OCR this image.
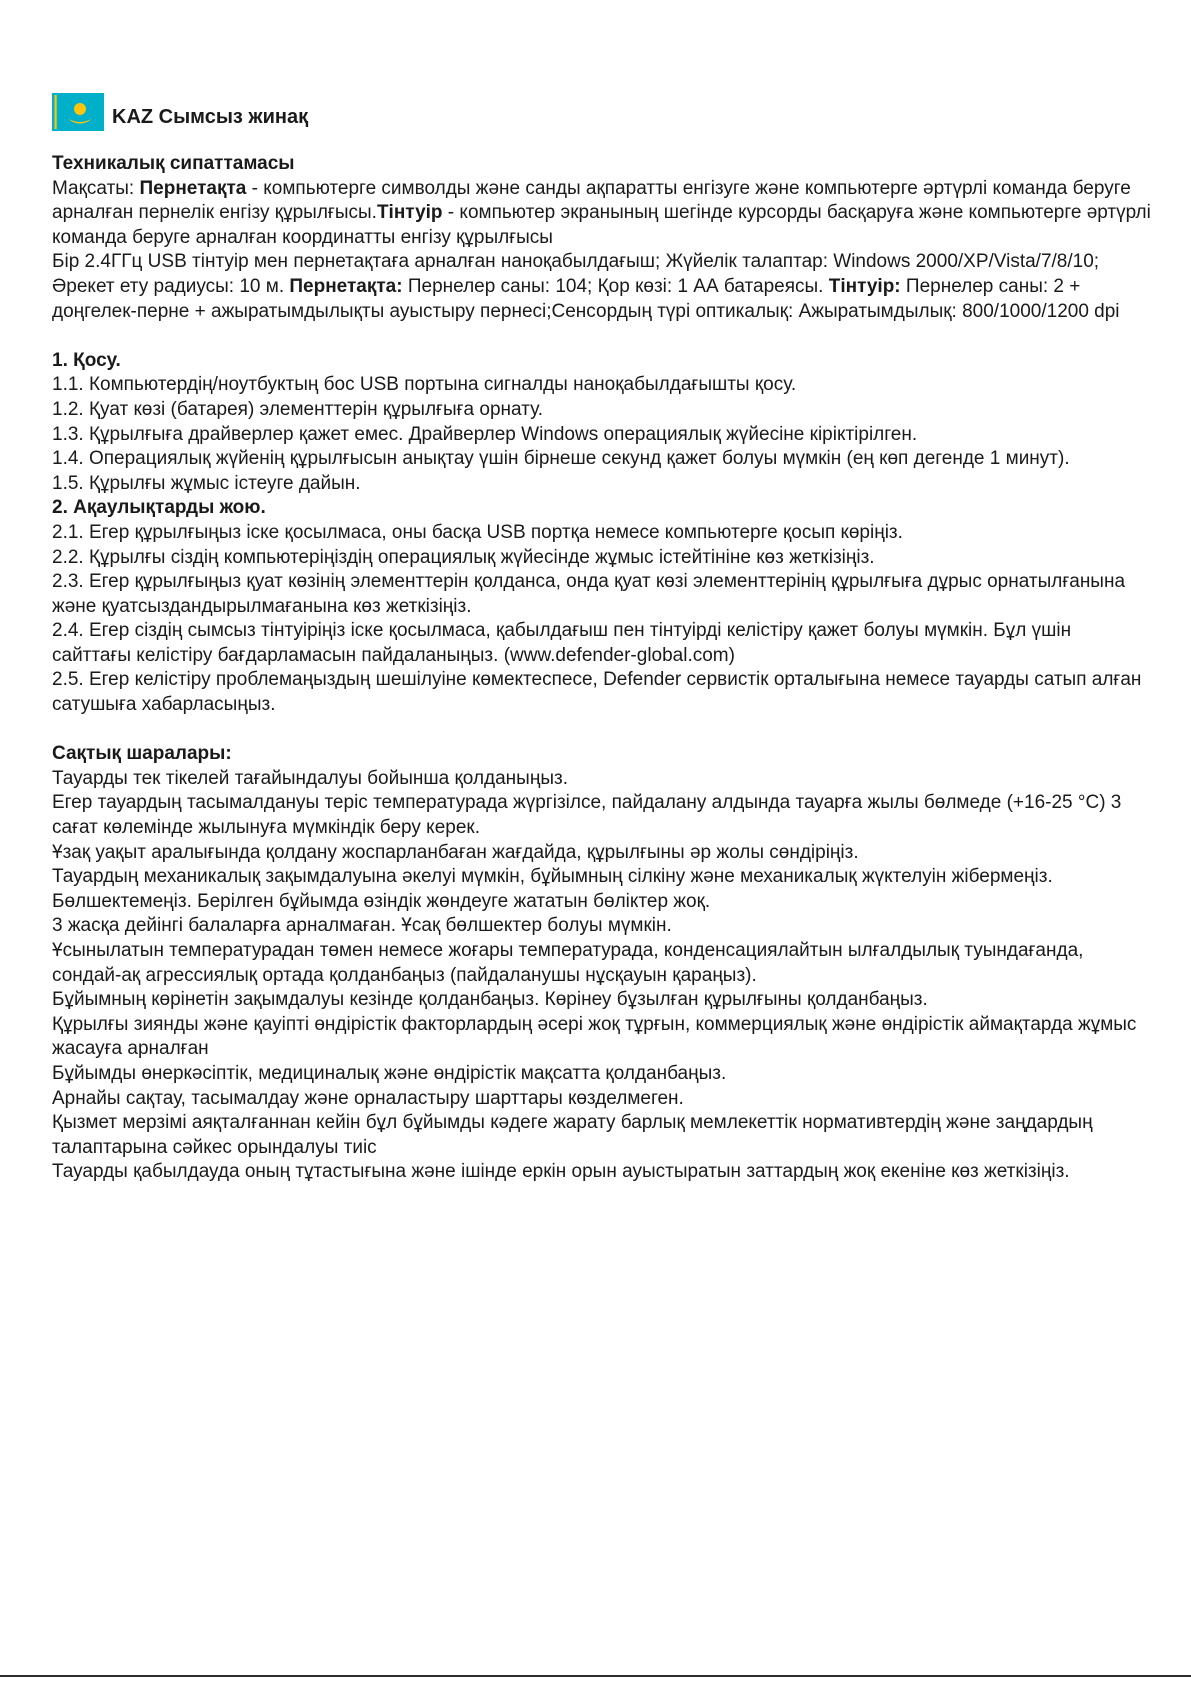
KAZ Сымсыз жинақ

Техникалық сипаттамасы

Мақсаты: Пернетақта - компьютерге символды және санды ақпаратты енгізуге және компьютерге әртүрлі команда беруге арналған пернелік енгізу құрылғысы.Тінтуір - компьютер экранының шегінде курсорды басқаруға және компьютерге әртүрлі команда беруге арналған координатты енгізу құрылғысы

Бір 2.4ГГц USB тінтуір мен пернетақтаға арналған наноқабылдағыш; Жүйелік талаптар: Windows 2000/XP/Vista/7/8/10; Әрекет ету радиусы: 10 м. Пернетақта: Пернелер саны: 104; Қор көзі: 1 АА батареясы. Тінтуір: Пернелер саны: 2 + доңгелек-перне + ажыратымдылықты ауыстыру пернесі;Сенсордың түрі оптикалық: Ажыратымдылық: 800/1000/1200 dpi

1. Қосу.

1.1. Компьютердің/ноутбуктың бос USB портына сигналды наноқабылдағышты қосу.

1.2. Қуат көзі (батарея) элементтерін құрылғыға орнату.

1.3. Құрылғыға драйверлер қажет емес. Драйверлер Windows операциялық жүйесіне кіріктірілген.

1.4. Операциялық жүйенің құрылғысын анықтау үшін бірнеше секунд қажет болуы мүмкін (ең көп дегенде 1 минут).

1.5. Құрылғы жұмыс істеуге дайын.

2. Ақаулықтарды жою.

2.1. Егер құрылғыңыз іске қосылмаса, оны басқа USB портқа немесе компьютерге қосып көріңіз.

2.2. Құрылғы сіздің компьютеріңіздің операциялық жүйесінде жұмыс істейтініне көз жеткізіңіз.

2.3. Егер құрылғыңыз қуат көзінің элементтерін қолданса, онда қуат көзі элементтерінің құрылғыға дұрыс орнатылғанына және қуатсыздандырылмағанына көз жеткізіңіз.

2.4. Егер сіздің сымсыз тінтуіріңіз іске қосылмаса, қабылдағыш пен тінтуірді келістіру қажет болуы мүмкін. Бұл үшін сайттағы келістіру бағдарламасын пайдаланыңыз. (www.defender-global.com)

2.5. Егер келістіру проблемаңыздың шешілуіне көмектеспесе, Defender сервистік орталығына немесе тауарды сатып алған сатушыға хабарласыңыз.

Сақтық шаралары:

Тауарды тек тікелей тағайындалуы бойынша қолданыңыз.

Егер тауардың тасымалдануы теріс температурада жүргізілсе, пайдалану алдында тауарға жылы бөлмеде (+16-25 °С) 3 сағат көлемінде жылынуға мүмкіндік беру керек.

Ұзақ уақыт аралығында қолдану жоспарланбаған жағдайда, құрылғыны әр жолы сөндіріңіз.

Тауардың механикалық зақымдалуына әкелуі мүмкін, бұйымның сілкіну және механикалық жүктелуін жібермеңіз.

Бөлшектемеңіз. Берілген бұйымда өзіндік жөндеуге жататын бөліктер жоқ.

3 жасқа дейінгі балаларға арналмаған. Ұсақ бөлшектер болуы мүмкін.

Ұсынылатын температурадан төмен немесе жоғары температурада, конденсациялайтын ылғалдылық туындағанда, сондай-ақ агрессиялық ортада қолданбаңыз (пайдаланушы нұсқауын қараңыз).

Бұйымның көрінетін зақымдалуы кезінде қолданбаңыз. Көрінеу бұзылған құрылғыны қолданбаңыз.

Құрылғы зиянды және қауіпті өндірістік факторлардың әсері жоқ тұрғын, коммерциялық және өндірістік аймақтарда жұмыс жасауға арналған

Бұйымды өнеркәсіптік, медициналық және өндірістік мақсатта қолданбаңыз.

Арнайы сақтау, тасымалдау және орналастыру шарттары көзделмеген.

Қызмет мерзімі аяқталғаннан кейін бұл бұйымды кәдеге жарату барлық мемлекеттік нормативтердің және заңдардың талаптарына сәйкес орындалуы тиіс

Тауарды қабылдауда оның тұтастығына және ішінде еркін орын ауыстыратын заттардың жоқ екеніне көз жеткізіңіз.
